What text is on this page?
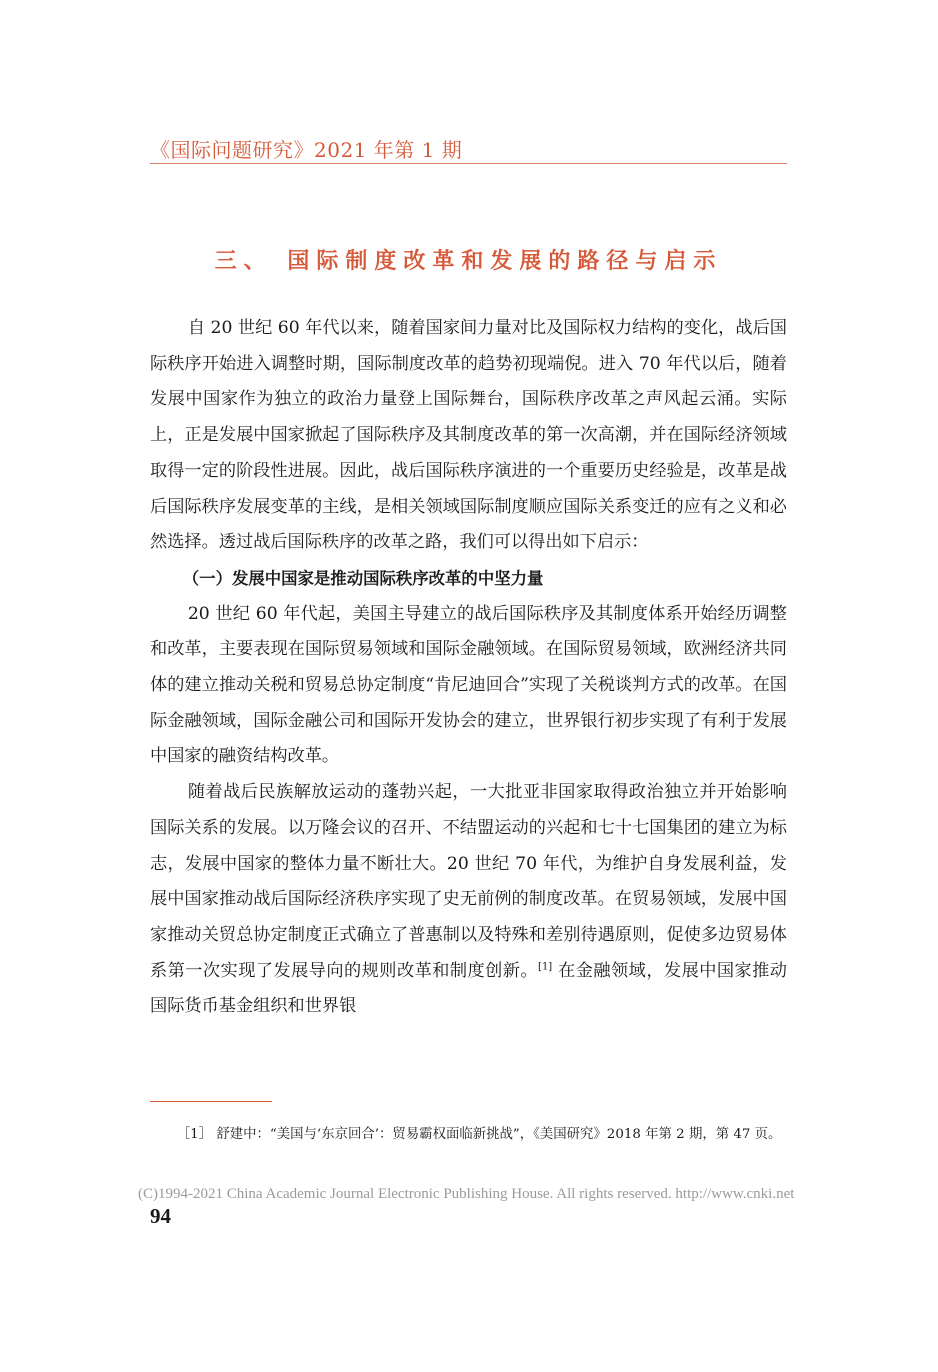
《国际问题研究》2021 年第 1 期
三、 国际制度改革和发展的路径与启示

自 20 世纪 60 年代以来，随着国家间力量对比及国际权力结构的变化，战后国际秩序开始进入调整时期，国际制度改革的趋势初现端倪。进入 70 年代以后，随着发展中国家作为独立的政治力量登上国际舞台，国际秩序改革之声风起云涌。实际上，正是发展中国家掀起了国际秩序及其制度改革的第一次高潮，并在国际经济领域取得一定的阶段性进展。因此，战后国际秩序演进的一个重要历史经验是，改革是战后国际秩序发展变革的主线，是相关领域国际制度顺应国际关系变迁的应有之义和必然选择。透过战后国际秩序的改革之路，我们可以得出如下启示：

（一）发展中国家是推动国际秩序改革的中坚力量

20 世纪 60 年代起，美国主导建立的战后国际秩序及其制度体系开始经历调整和改革，主要表现在国际贸易领域和国际金融领域。在国际贸易领域，欧洲经济共同体的建立推动关税和贸易总协定制度“肯尼迪回合”实现了关税谈判方式的改革。在国际金融领域，国际金融公司和国际开发协会的建立，世界银行初步实现了有利于发展中国家的融资结构改革。

随着战后民族解放运动的蓬勃兴起，一大批亚非国家取得政治独立并开始影响国际关系的发展。以万隆会议的召开、不结盟运动的兴起和七十七国集团的建立为标志，发展中国家的整体力量不断壮大。20 世纪 70 年代，为维护自身发展利益，发展中国家推动战后国际经济秩序实现了史无前例的制度改革。在贸易领域，发展中国家推动关贸总协定制度正式确立了普惠制以及特殊和差别待遇原则，促使多边贸易体系第一次实现了发展导向的规则改革和制度创新。[1] 在金融领域，发展中国家推动国际货币基金组织和世界银

［1］ 舒建中：“美国与‘东京回合’：贸易霸权面临新挑战”，《美国研究》2018 年第 2 期，第 47 页。

(C)1994-2021 China Academic Journal Electronic Publishing House. All rights reserved. http://www.cnki.net
94
